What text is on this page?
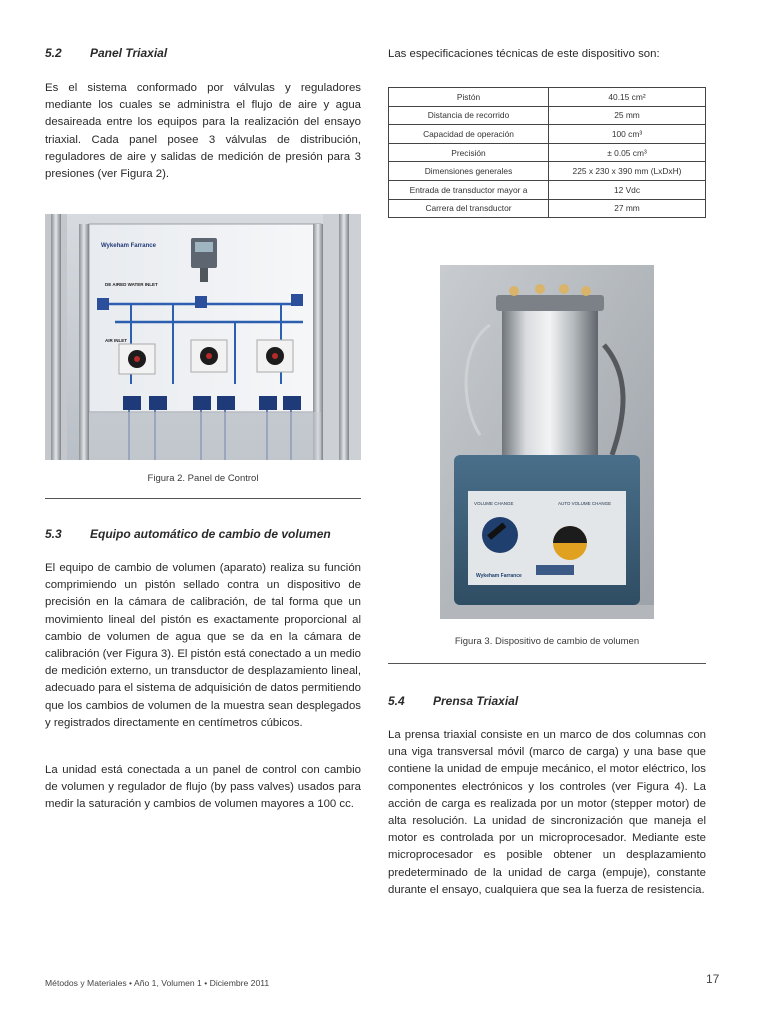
5.2 Panel Triaxial
Es el sistema conformado por válvulas y reguladores mediante los cuales se administra el flujo de aire y agua desaireada entre los equipos para la realización del ensayo triaxial. Cada panel posee 3 válvulas de distribución, reguladores de aire y salidas de medición de presión para 3 presiones (ver Figura 2).
Wykeham Farrance
DE AIRED WATER INLET
AIR INLET
Figura 2. Panel de Control
5.3 Equipo automático de cambio de volumen
El equipo de cambio de volumen (aparato) realiza su función comprimiendo un pistón sellado contra un dispositivo de precisión en la cámara de calibración, de tal forma que un movimiento lineal del pistón es exactamente proporcional al cambio de volumen de agua que se da en la cámara de calibración (ver Figura 3). El pistón está conectado a un medio de medición externo, un transductor de desplazamiento lineal, adecuado para el sistema de adquisición de datos permitiendo que los cambios de volumen de la muestra sean desplegados y registrados directamente en centímetros cúbicos.
La unidad está conectada a un panel de control con cambio de volumen y regulador de flujo (by pass valves) usados para medir la saturación y cambios de volumen mayores a 100 cc.
Las especificaciones técnicas de este dispositivo son:
Pistón	40.15 cm²
Distancia de recorrido	25 mm
Capacidad de operación	100 cm³
Precisión	± 0.05 cm³
Dimensiones generales	225 x 230 x 390 mm (LxDxH)
Entrada de transductor mayor a	12 Vdc
Carrera del transductor	27 mm
VOLUME CHANGE	AUTO VOLUME CHANGE
Wykeham Farrance
Figura 3. Dispositivo de cambio de volumen
5.4 Prensa Triaxial
La prensa triaxial consiste en un marco de dos columnas con una viga transversal móvil (marco de carga) y una base que contiene la unidad de empuje mecánico, el motor eléctrico, los componentes electrónicos y los controles (ver Figura 4). La acción de carga es realizada por un motor (stepper motor) de alta resolución. La unidad de sincronización que maneja el motor es controlada por un microprocesador. Mediante este microprocesador es posible obtener un desplazamiento predeterminado de la unidad de carga (empuje), constante durante el ensayo, cualquiera que sea la fuerza de resistencia.
Métodos y Materiales • Año 1, Volumen 1 • Diciembre 2011	17
